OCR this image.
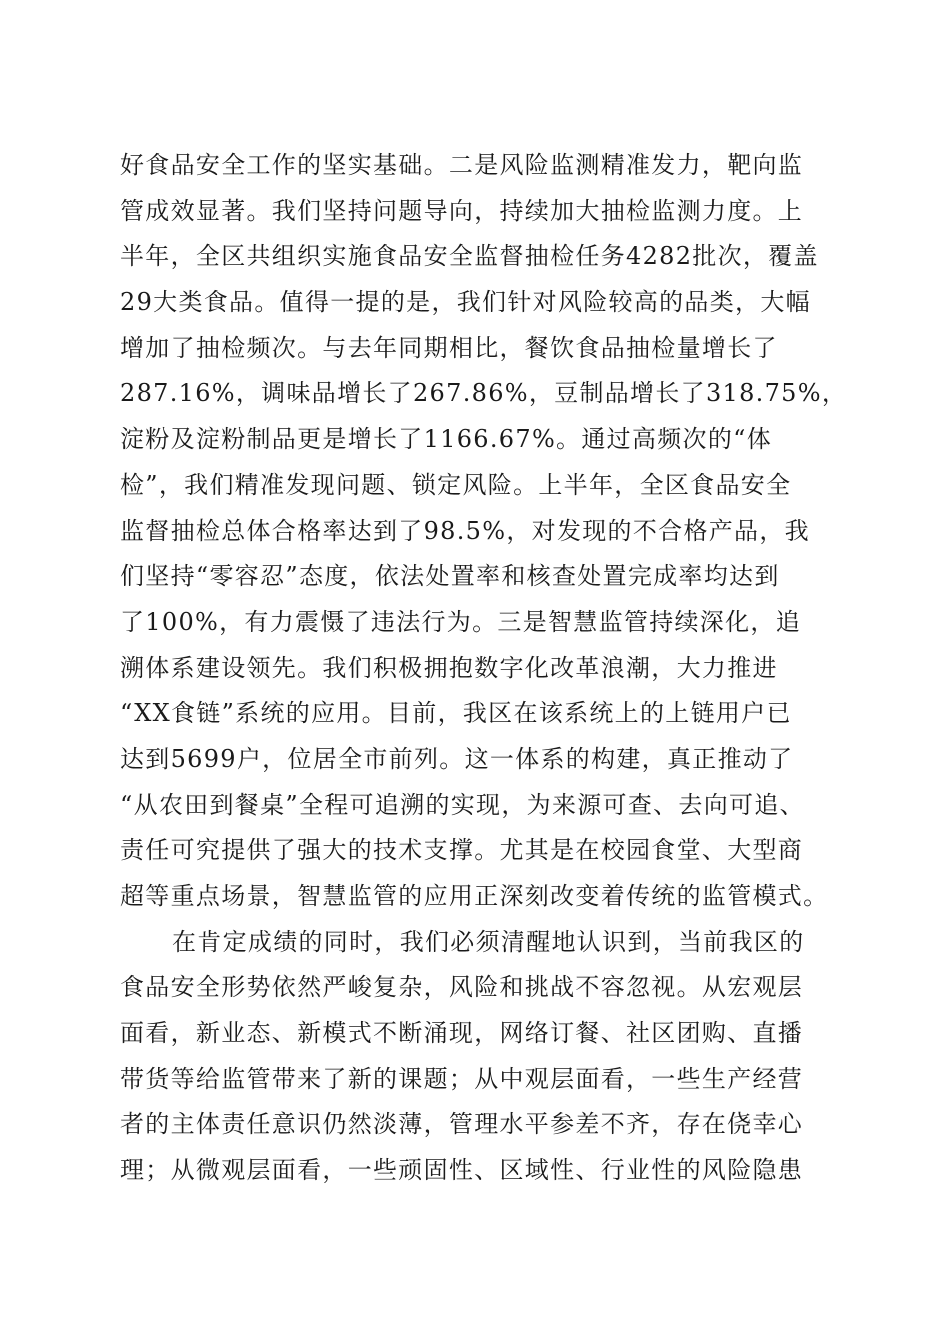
好食品安全工作的坚实基础。二是风险监测精准发力，靶向监
管成效显著。我们坚持问题导向，持续加大抽检监测力度。上
半年，全区共组织实施食品安全监督抽检任务4282批次，覆盖
29大类食品。值得一提的是，我们针对风险较高的品类，大幅
增加了抽检频次。与去年同期相比，餐饮食品抽检量增长了
287.16%，调味品增长了267.86%，豆制品增长了318.75%，
淀粉及淀粉制品更是增长了1166.67%。通过高频次的“体
检”，我们精准发现问题、锁定风险。上半年，全区食品安全
监督抽检总体合格率达到了98.5%，对发现的不合格产品，我
们坚持“零容忍”态度，依法处置率和核查处置完成率均达到
了100%，有力震慑了违法行为。三是智慧监管持续深化，追
溯体系建设领先。我们积极拥抱数字化改革浪潮，大力推进
“XX食链”系统的应用。目前，我区在该系统上的上链用户已
达到5699户，位居全市前列。这一体系的构建，真正推动了
“从农田到餐桌”全程可追溯的实现，为来源可查、去向可追、
责任可究提供了强大的技术支撑。尤其是在校园食堂、大型商
超等重点场景，智慧监管的应用正深刻改变着传统的监管模式。
在肯定成绩的同时，我们必须清醒地认识到，当前我区的
食品安全形势依然严峻复杂，风险和挑战不容忽视。从宏观层
面看，新业态、新模式不断涌现，网络订餐、社区团购、直播
带货等给监管带来了新的课题；从中观层面看，一些生产经营
者的主体责任意识仍然淡薄，管理水平参差不齐，存在侥幸心
理；从微观层面看，一些顽固性、区域性、行业性的风险隐患
